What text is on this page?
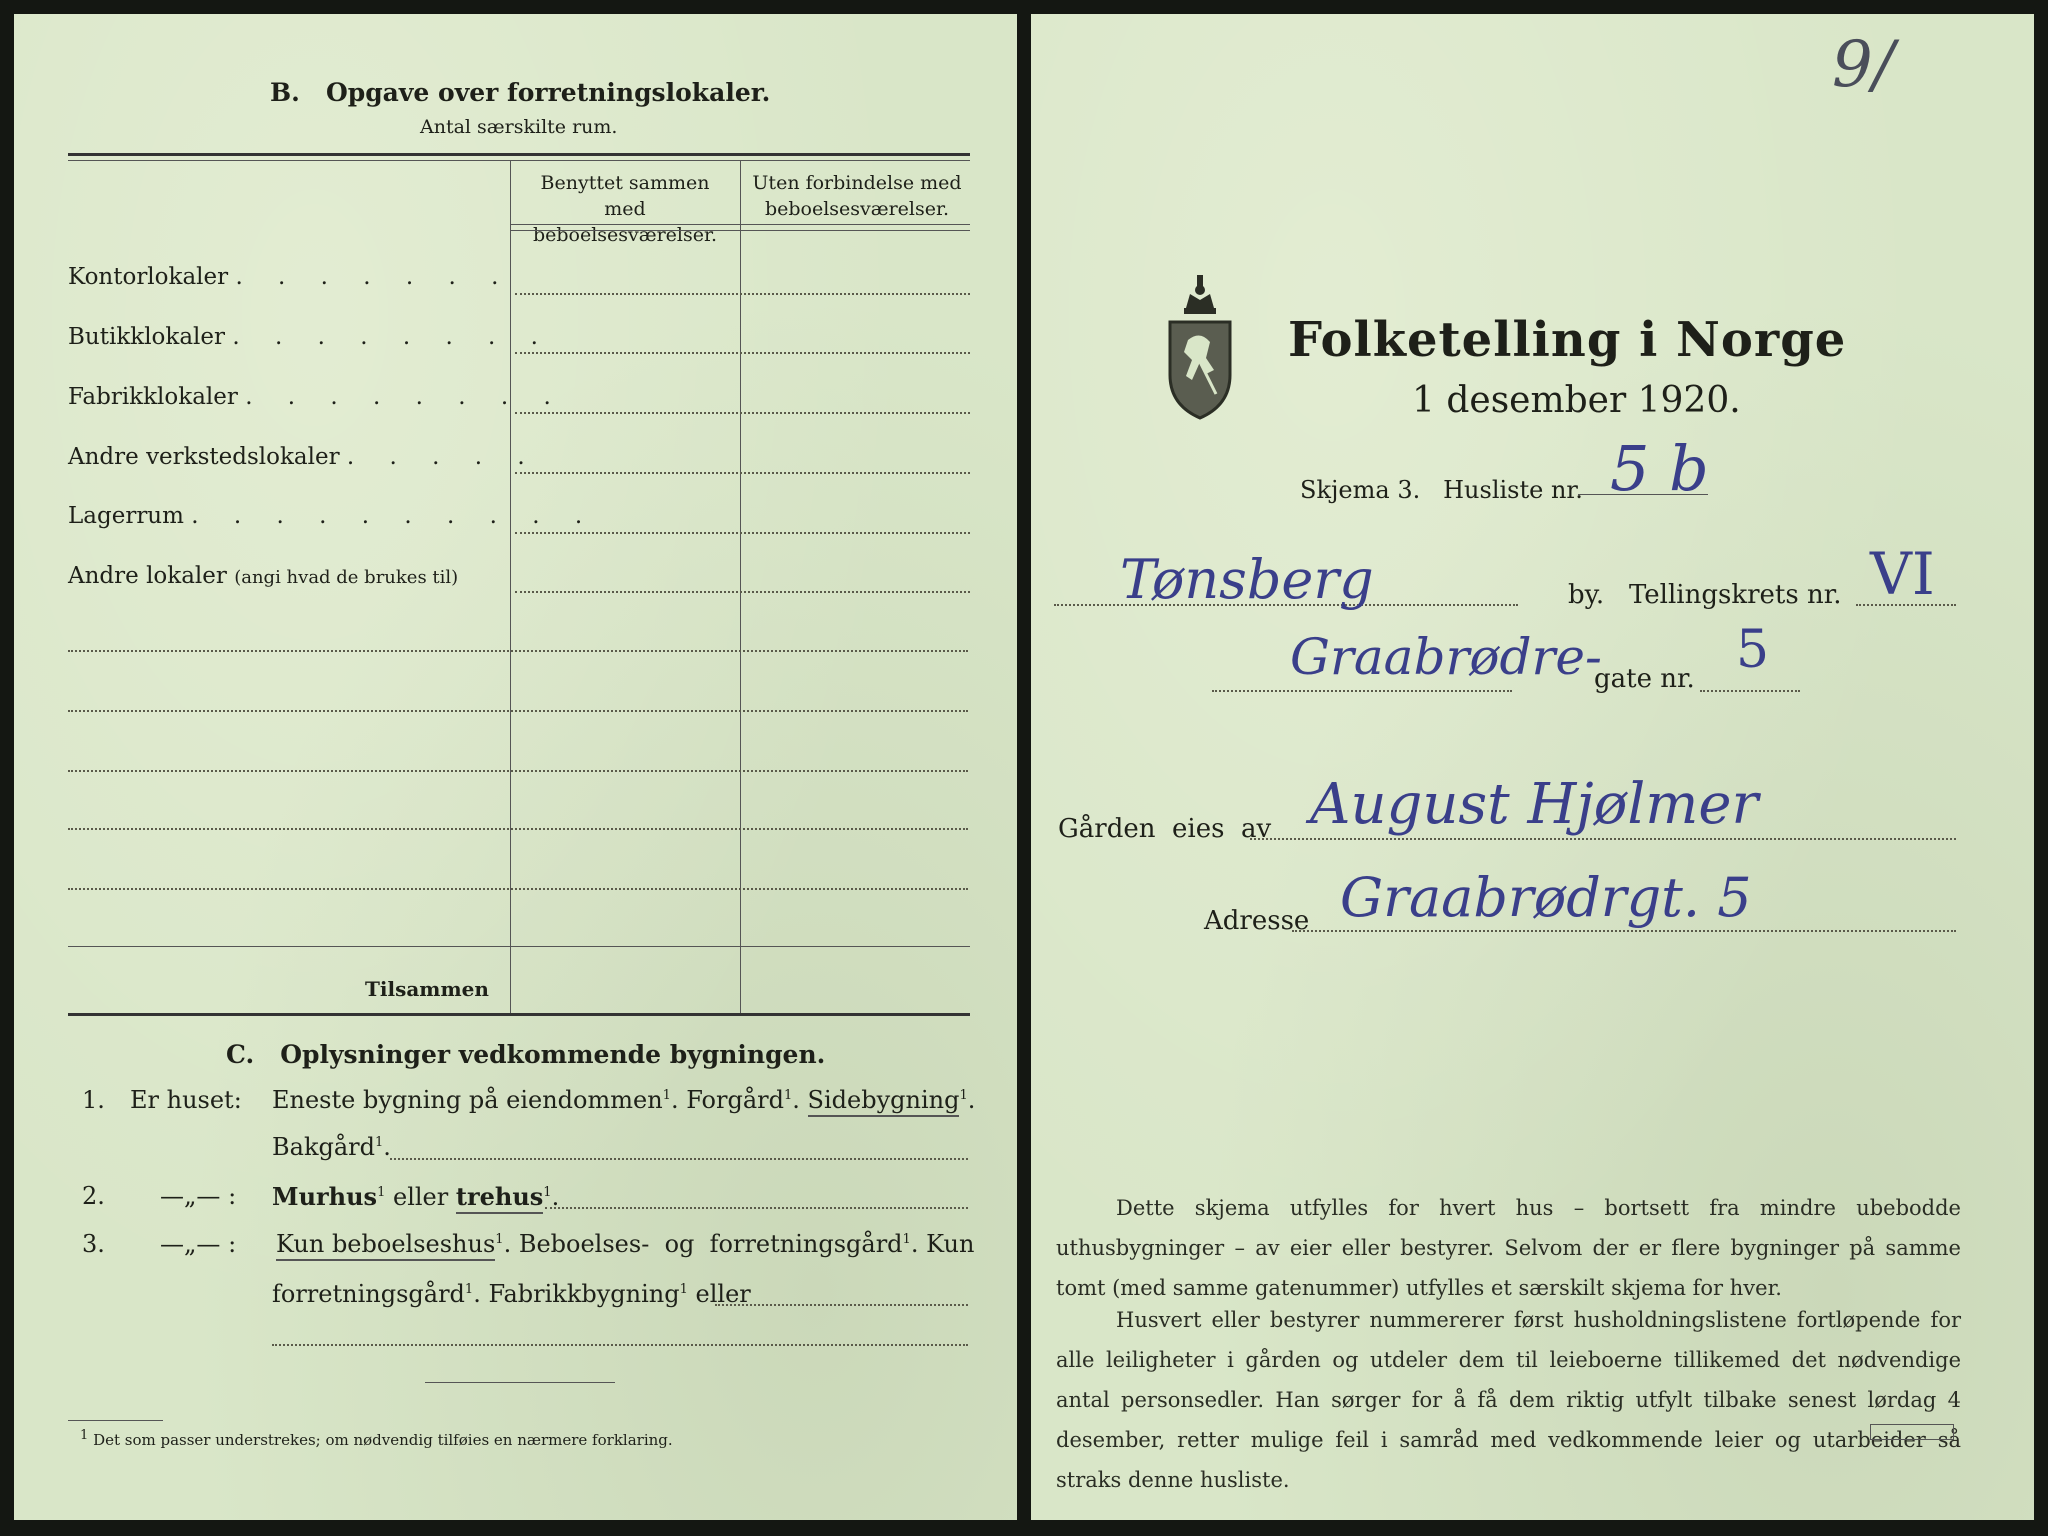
B.   Opgave over forretningslokaler.
Antal særskilte rum.
Benyttet sammen med beboelsesværelser.
Uten forbindelse med beboelsesværelser.
Kontorlokaler . . . . . . .
Butikklokaler . . . . . . . .
Fabrikklokaler . . . . . . . .
Andre verkstedslokaler . . . . .
Lagerrum . . . . . . . . . .
Andre lokaler (angi hvad de brukes til)
Tilsammen
C.   Oplysninger vedkommende bygningen.
1. Er huset: Eneste bygning på eiendommen$^1$. Forgård$^1$. Sidebygning$^1$.
Bakgård$^1$.
2. —„— : Murhus$^1$ eller trehus$^1$.
3. —„— : Kun beboelseshus$^1$. Beboelses-  og  forretningsgård$^1$. Kun
forretningsgård$^1$. Fabrikkbygning$^1$ eller
1 Det som passer understrekes; om nødvendig tilføies en nærmere forklaring.
9/
Folketelling i Norge
1 desember 1920.
Skjema 3.   Husliste nr. 5 b
Tønsberg	by.   Tellingskrets nr. VI
Graabrødre-
gate nr. 5
Gården  eies  av August Hjølmer
Adresse Graabrødrgt. 5
Dette skjema utfylles for hvert hus – bortsett fra mindre ubebodde uthusbygninger – av eier eller bestyrer. Selvom der er flere bygninger på samme tomt (med samme gatenummer) utfylles et særskilt skjema for hver.
Husvert eller bestyrer nummererer først husholdningslistene fortløpende for alle leiligheter i gården og utdeler dem til leieboerne tillikemed det nødvendige antal personsedler. Han sørger for å få dem riktig utfylt tilbake senest lørdag 4 desember, retter mulige feil i samråd med vedkommende leier og utarbeider så straks denne husliste.
